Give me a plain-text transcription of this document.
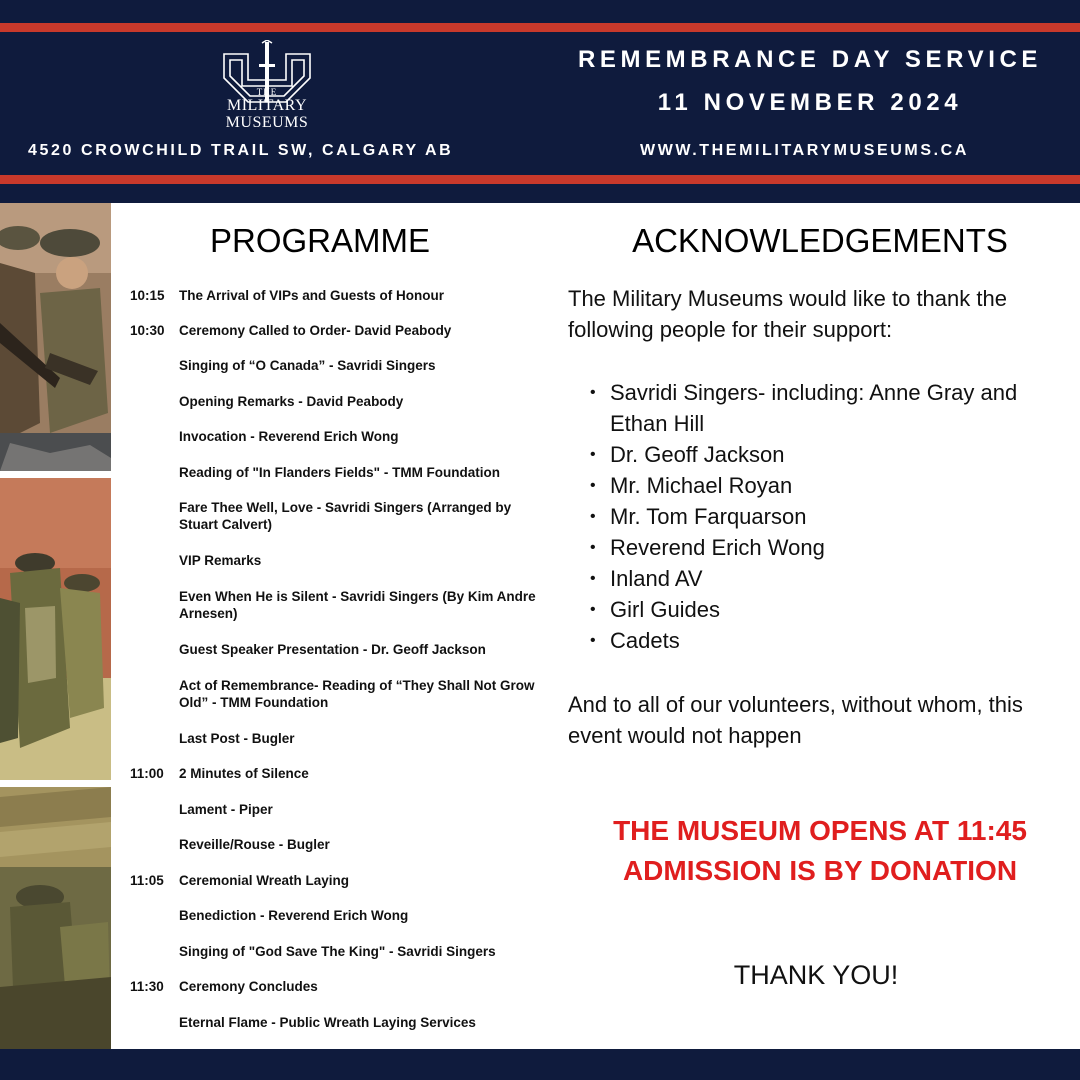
THE
MILITARY
MUSEUMS
4520 CROWCHILD TRAIL SW, CALGARY AB
REMEMBRANCE DAY SERVICE
11 NOVEMBER 2024
WWW.THEMILITARYMUSEUMS.CA
PROGRAMME
10:15 The Arrival of VIPs and Guests of Honour
10:30 Ceremony Called to Order- David Peabody
Singing of “O Canada” - Savridi Singers
Opening Remarks - David Peabody
Invocation - Reverend Erich Wong
Reading of "In Flanders Fields" - TMM Foundation
Fare Thee Well, Love - Savridi Singers (Arranged by Stuart Calvert)
VIP Remarks
Even When He is Silent - Savridi Singers (By Kim Andre Arnesen)
Guest Speaker Presentation - Dr. Geoff Jackson
Act of Remembrance- Reading of “They Shall Not Grow Old” - TMM Foundation
Last Post - Bugler
11:00 2 Minutes of Silence
Lament - Piper
Reveille/Rouse - Bugler
11:05 Ceremonial Wreath Laying
Benediction - Reverend Erich Wong
Singing of "God Save The King" - Savridi Singers
11:30 Ceremony Concludes
Eternal Flame - Public Wreath Laying Services
ACKNOWLEDGEMENTS
The Military Museums would like to thank the following people for their support:
• Savridi Singers- including: Anne Gray and Ethan Hill
• Dr. Geoff Jackson
• Mr. Michael Royan
• Mr. Tom Farquarson
• Reverend Erich Wong
• Inland AV
• Girl Guides
• Cadets
And to all of our volunteers, without whom, this event would not happen
THE MUSEUM OPENS AT 11:45
ADMISSION IS BY DONATION
THANK YOU!
